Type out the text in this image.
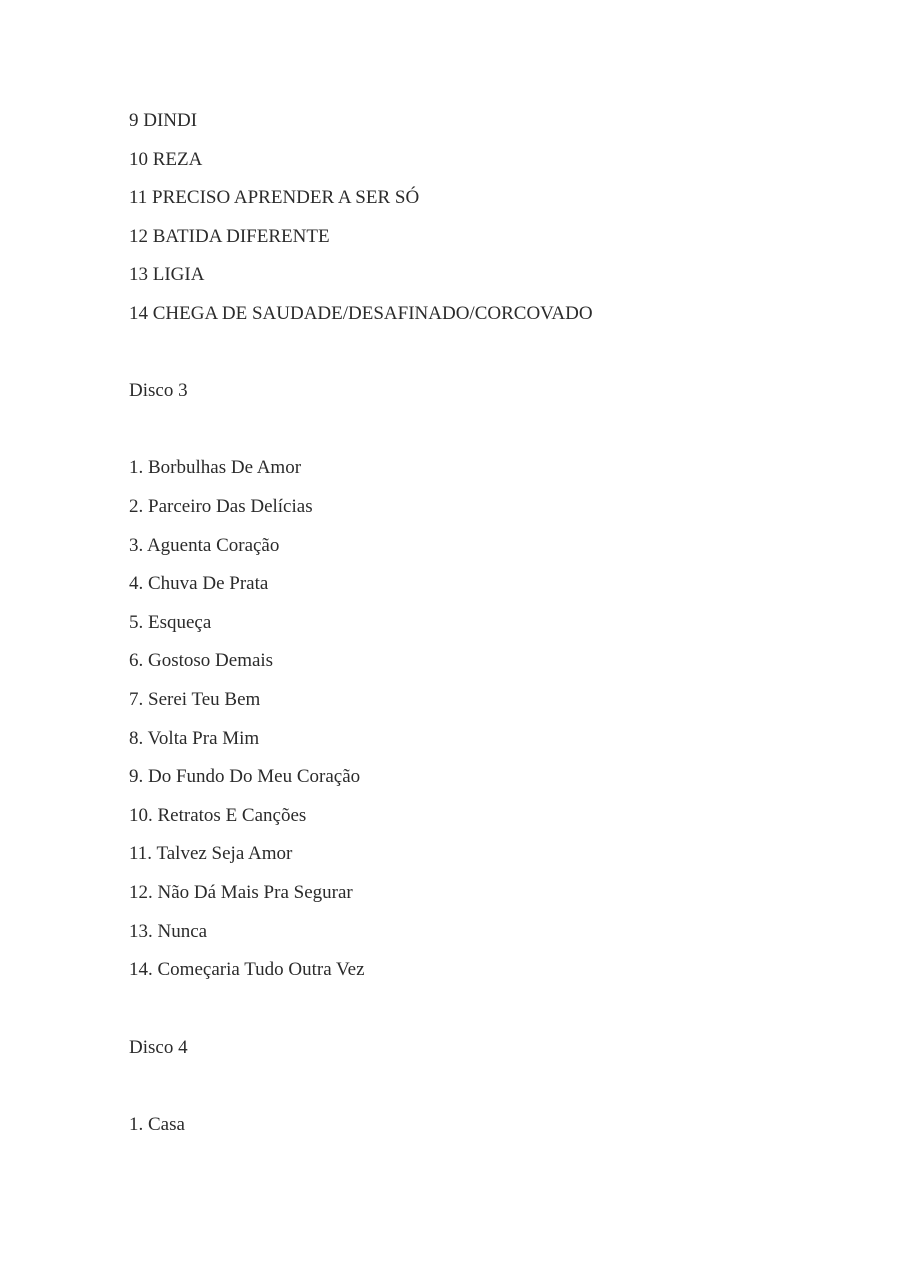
9 DINDI
10 REZA
11 PRECISO APRENDER A SER SÓ
12 BATIDA DIFERENTE
13 LIGIA
14 CHEGA DE SAUDADE/DESAFINADO/CORCOVADO
Disco 3
1. Borbulhas De Amor
2. Parceiro Das Delícias
3. Aguenta Coração
4. Chuva De Prata
5. Esqueça
6. Gostoso Demais
7. Serei Teu Bem
8. Volta Pra Mim
9. Do Fundo Do Meu Coração
10. Retratos E Canções
11. Talvez Seja Amor
12. Não Dá Mais Pra Segurar
13. Nunca
14. Começaria Tudo Outra Vez
Disco 4
1. Casa
